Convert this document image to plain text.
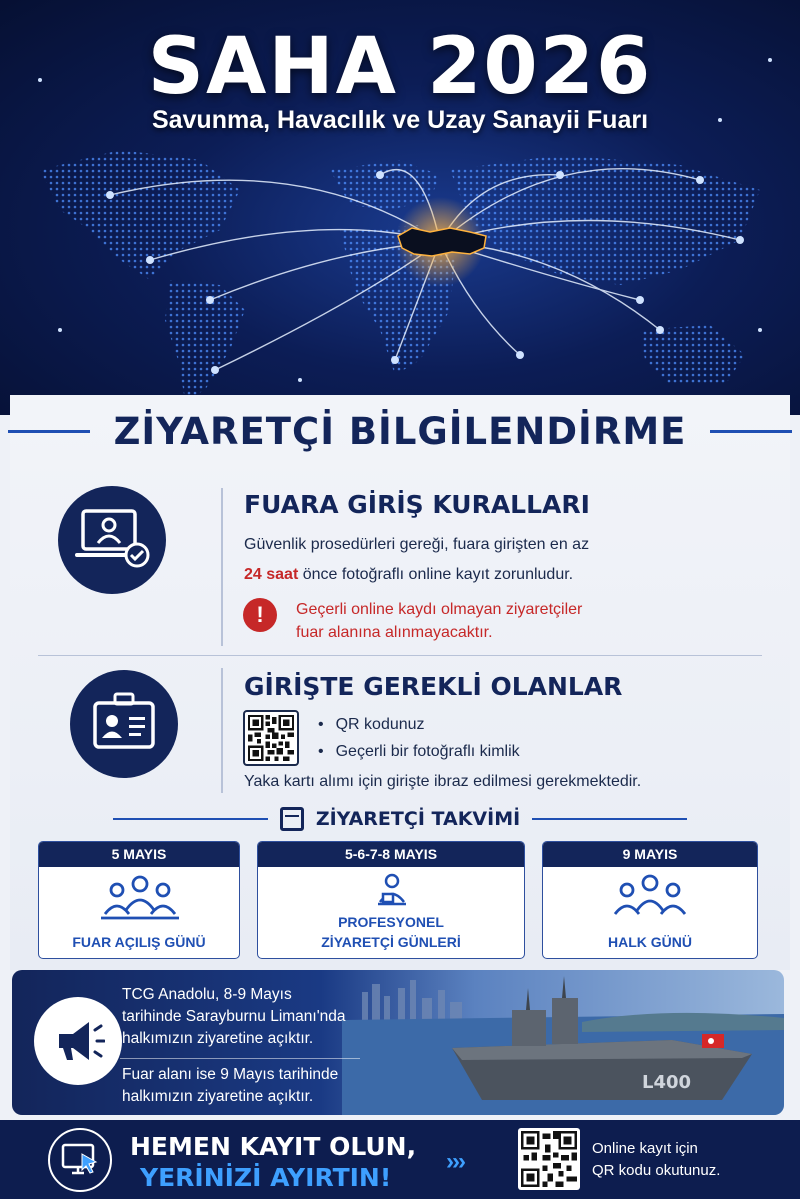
SAHA 2026
Savunma, Havacılık ve Uzay Sanayii Fuarı
ZİYARETÇİ BİLGİLENDİRME
FUARA GİRİŞ KURALLARI
Güvenlik prosedürleri gereği, fuara girişten en az
24 saat önce fotoğraflı online kayıt zorunludur.
!	Geçerli online kaydı olmayan ziyaretçiler
fuar alanına alınmayacaktır.
GİRİŞTE GEREKLİ OLANLAR
• QR kodunuz
• Geçerli bir fotoğraflı kimlik
Yaka kartı alımı için girişte ibraz edilmesi gerekmektedir.
ZİYARETÇİ TAKVİMİ
5 MAYIS
FUAR AÇILIŞ GÜNÜ
5-6-7-8 MAYIS
PROFESYONEL
ZİYARETÇİ GÜNLERİ
9 MAYIS
HALK GÜNÜ
L400
TCG Anadolu, 8-9 Mayıs
tarihinde Sarayburnu Limanı'nda
halkımızın ziyaretine açıktır.
Fuar alanı ise 9 Mayıs tarihinde
halkımızın ziyaretine açıktır.
HEMEN KAYIT OLUN,
YERİNİZİ AYIRTIN!
›››	Online kayıt için
QR kodu okutunuz.
